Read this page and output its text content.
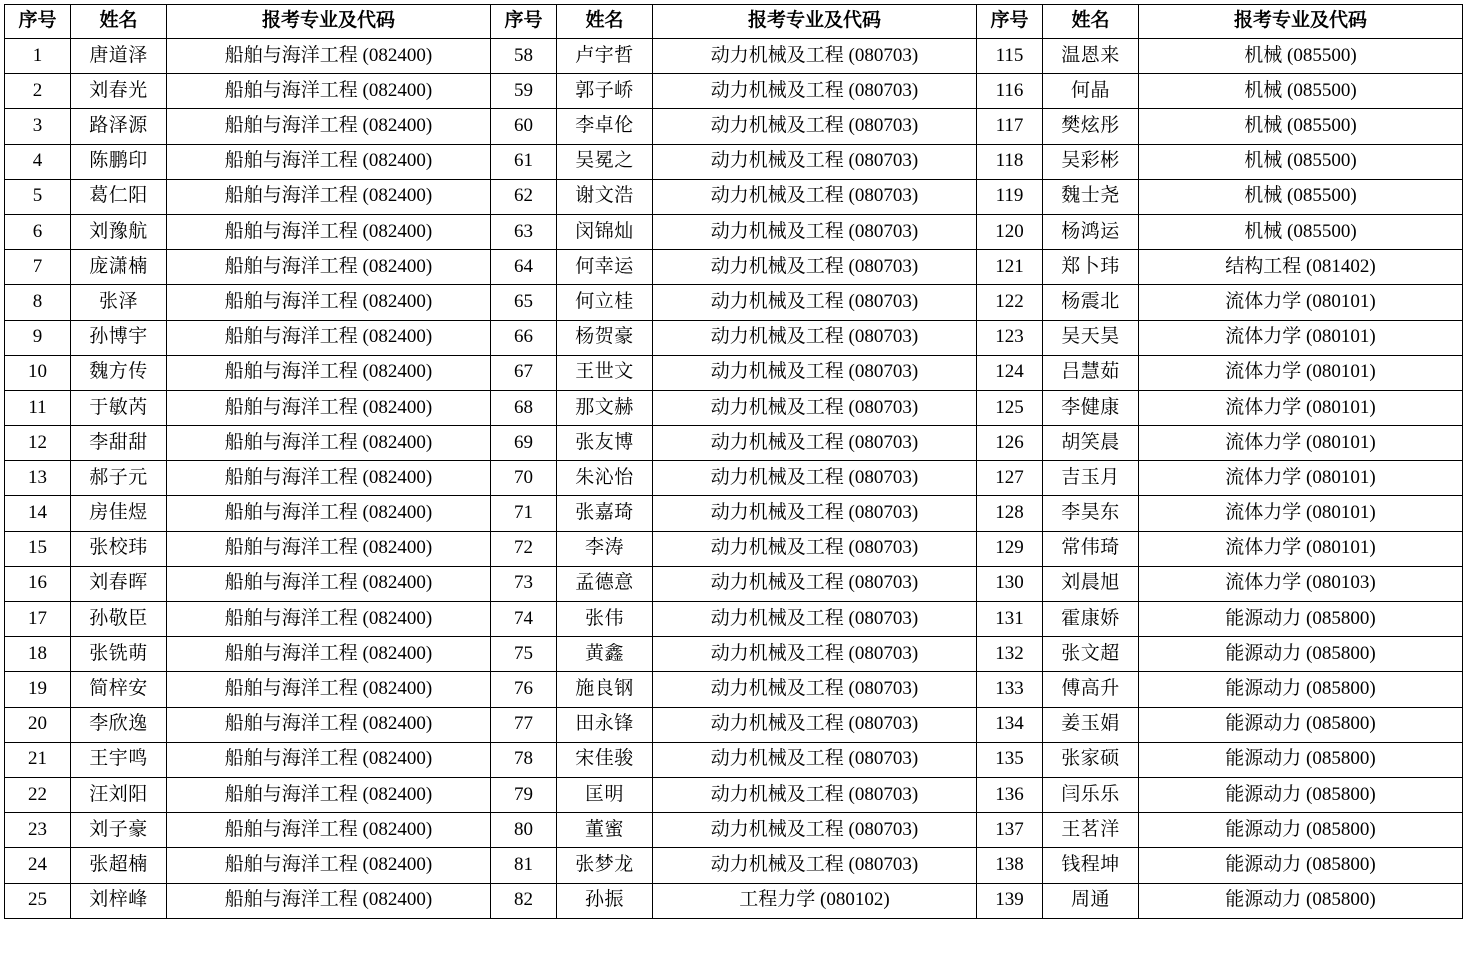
序号	姓名	报考专业及代码	序号	姓名	报考专业及代码	序号	姓名	报考专业及代码
1	唐道泽	船舶与海洋工程 (082400)	58	卢宇哲	动力机械及工程 (080703)	115	温恩来	机械 (085500)
2	刘春光	船舶与海洋工程 (082400)	59	郭子峤	动力机械及工程 (080703)	116	何晶	机械 (085500)
3	路泽源	船舶与海洋工程 (082400)	60	李卓伦	动力机械及工程 (080703)	117	樊炫彤	机械 (085500)
4	陈鹏印	船舶与海洋工程 (082400)	61	吴冕之	动力机械及工程 (080703)	118	吴彩彬	机械 (085500)
5	葛仁阳	船舶与海洋工程 (082400)	62	谢文浩	动力机械及工程 (080703)	119	魏士尧	机械 (085500)
6	刘豫航	船舶与海洋工程 (082400)	63	闵锦灿	动力机械及工程 (080703)	120	杨鸿运	机械 (085500)
7	庞潇楠	船舶与海洋工程 (082400)	64	何幸运	动力机械及工程 (080703)	121	郑卜玮	结构工程 (081402)
8	张泽	船舶与海洋工程 (082400)	65	何立桂	动力机械及工程 (080703)	122	杨震北	流体力学 (080101)
9	孙博宇	船舶与海洋工程 (082400)	66	杨贺豪	动力机械及工程 (080703)	123	吴天昊	流体力学 (080101)
10	魏方传	船舶与海洋工程 (082400)	67	王世文	动力机械及工程 (080703)	124	吕慧茹	流体力学 (080101)
11	于敏芮	船舶与海洋工程 (082400)	68	那文赫	动力机械及工程 (080703)	125	李健康	流体力学 (080101)
12	李甜甜	船舶与海洋工程 (082400)	69	张友博	动力机械及工程 (080703)	126	胡笑晨	流体力学 (080101)
13	郝子元	船舶与海洋工程 (082400)	70	朱沁怡	动力机械及工程 (080703)	127	吉玉月	流体力学 (080101)
14	房佳煜	船舶与海洋工程 (082400)	71	张嘉琦	动力机械及工程 (080703)	128	李昊东	流体力学 (080101)
15	张校玮	船舶与海洋工程 (082400)	72	李涛	动力机械及工程 (080703)	129	常伟琦	流体力学 (080101)
16	刘春晖	船舶与海洋工程 (082400)	73	孟德意	动力机械及工程 (080703)	130	刘晨旭	流体力学 (080103)
17	孙敬臣	船舶与海洋工程 (082400)	74	张伟	动力机械及工程 (080703)	131	霍康娇	能源动力 (085800)
18	张铣萌	船舶与海洋工程 (082400)	75	黄鑫	动力机械及工程 (080703)	132	张文超	能源动力 (085800)
19	简梓安	船舶与海洋工程 (082400)	76	施良钢	动力机械及工程 (080703)	133	傅高升	能源动力 (085800)
20	李欣逸	船舶与海洋工程 (082400)	77	田永锋	动力机械及工程 (080703)	134	姜玉娟	能源动力 (085800)
21	王宇鸣	船舶与海洋工程 (082400)	78	宋佳骏	动力机械及工程 (080703)	135	张家硕	能源动力 (085800)
22	汪刘阳	船舶与海洋工程 (082400)	79	匡明	动力机械及工程 (080703)	136	闫乐乐	能源动力 (085800)
23	刘子豪	船舶与海洋工程 (082400)	80	董蜜	动力机械及工程 (080703)	137	王茗洋	能源动力 (085800)
24	张超楠	船舶与海洋工程 (082400)	81	张梦龙	动力机械及工程 (080703)	138	钱程坤	能源动力 (085800)
25	刘梓峰	船舶与海洋工程 (082400)	82	孙振	工程力学 (080102)	139	周通	能源动力 (085800)
